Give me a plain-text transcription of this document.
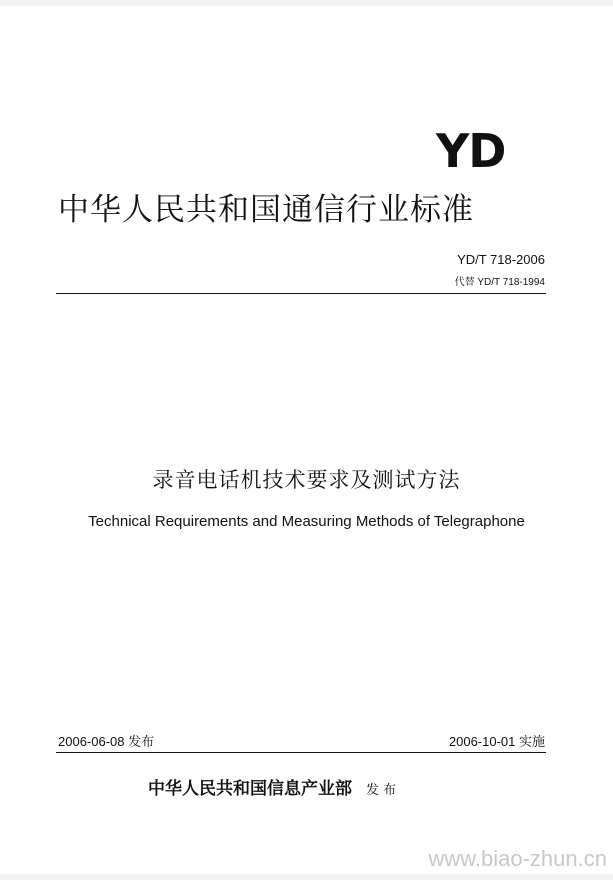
YD
中华人民共和国通信行业标准
YD/T 718-2006
代替 YD/T 718-1994
录音电话机技术要求及测试方法
Technical Requirements and Measuring Methods of Telegraphone
2006-06-08 发布	2006-10-01 实施
中华人民共和国信息产业部 发 布
www.biao-zhun.cn
